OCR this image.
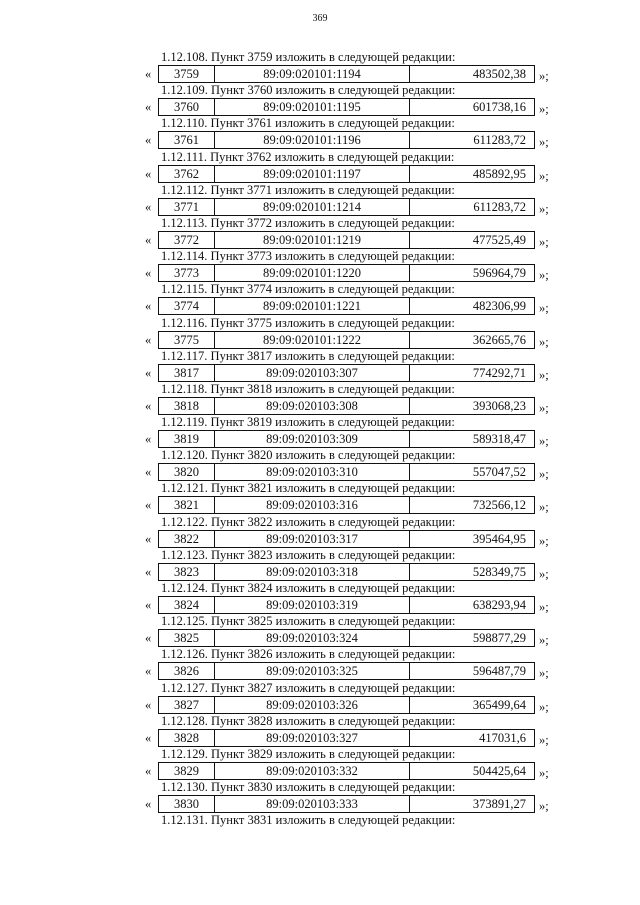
369
1.12.108. Пункт 3759 изложить в следующей редакции:
«	3759	89:09:020101:1194	483502,38	»;
1.12.109. Пункт 3760 изложить в следующей редакции:
«	3760	89:09:020101:1195	601738,16	»;
1.12.110. Пункт 3761 изложить в следующей редакции:
«	3761	89:09:020101:1196	611283,72	»;
1.12.111. Пункт 3762 изложить в следующей редакции:
«	3762	89:09:020101:1197	485892,95	»;
1.12.112. Пункт 3771 изложить в следующей редакции:
«	3771	89:09:020101:1214	611283,72	»;
1.12.113. Пункт 3772 изложить в следующей редакции:
«	3772	89:09:020101:1219	477525,49	»;
1.12.114. Пункт 3773 изложить в следующей редакции:
«	3773	89:09:020101:1220	596964,79	»;
1.12.115. Пункт 3774 изложить в следующей редакции:
«	3774	89:09:020101:1221	482306,99	»;
1.12.116. Пункт 3775 изложить в следующей редакции:
«	3775	89:09:020101:1222	362665,76	»;
1.12.117. Пункт 3817 изложить в следующей редакции:
«	3817	89:09:020103:307	774292,71	»;
1.12.118. Пункт 3818 изложить в следующей редакции:
«	3818	89:09:020103:308	393068,23	»;
1.12.119. Пункт 3819 изложить в следующей редакции:
«	3819	89:09:020103:309	589318,47	»;
1.12.120. Пункт 3820 изложить в следующей редакции:
«	3820	89:09:020103:310	557047,52	»;
1.12.121. Пункт 3821 изложить в следующей редакции:
«	3821	89:09:020103:316	732566,12	»;
1.12.122. Пункт 3822 изложить в следующей редакции:
«	3822	89:09:020103:317	395464,95	»;
1.12.123. Пункт 3823 изложить в следующей редакции:
«	3823	89:09:020103:318	528349,75	»;
1.12.124. Пункт 3824 изложить в следующей редакции:
«	3824	89:09:020103:319	638293,94	»;
1.12.125. Пункт 3825 изложить в следующей редакции:
«	3825	89:09:020103:324	598877,29	»;
1.12.126. Пункт 3826 изложить в следующей редакции:
«	3826	89:09:020103:325	596487,79	»;
1.12.127. Пункт 3827 изложить в следующей редакции:
«	3827	89:09:020103:326	365499,64	»;
1.12.128. Пункт 3828 изложить в следующей редакции:
«	3828	89:09:020103:327	417031,6	»;
1.12.129. Пункт 3829 изложить в следующей редакции:
«	3829	89:09:020103:332	504425,64	»;
1.12.130. Пункт 3830 изложить в следующей редакции:
«	3830	89:09:020103:333	373891,27	»;
1.12.131. Пункт 3831 изложить в следующей редакции:
